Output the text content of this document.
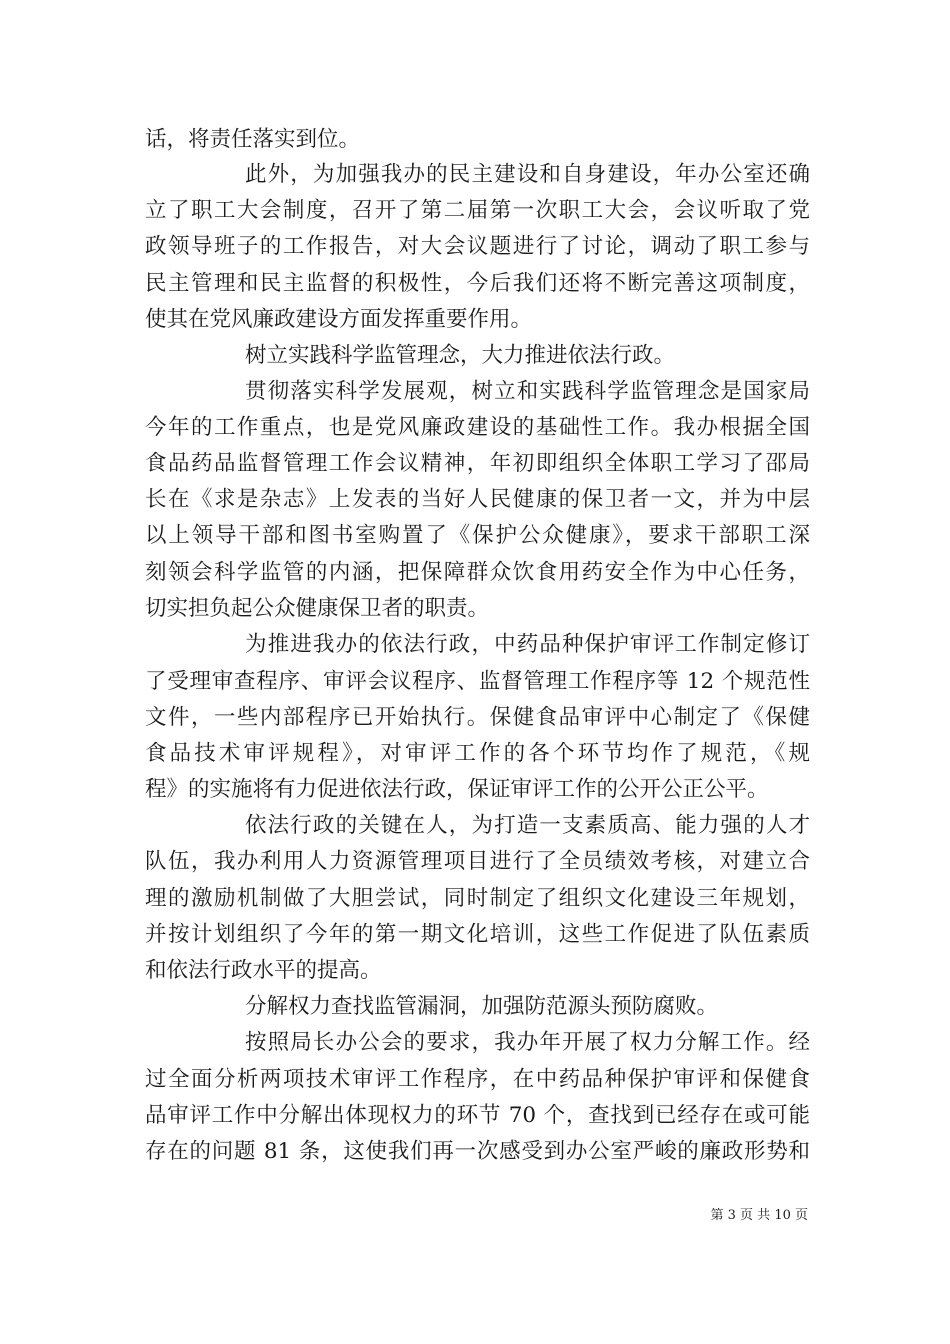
话，将责任落实到位。
此外，为加强我办的民主建设和自身建设，年办公室还确
立了职工大会制度，召开了第二届第一次职工大会，会议听取了党
政领导班子的工作报告，对大会议题进行了讨论，调动了职工参与
民主管理和民主监督的积极性，今后我们还将不断完善这项制度，
使其在党风廉政建设方面发挥重要作用。
树立实践科学监管理念，大力推进依法行政。
贯彻落实科学发展观，树立和实践科学监管理念是国家局
今年的工作重点，也是党风廉政建设的基础性工作。我办根据全国
食品药品监督管理工作会议精神，年初即组织全体职工学习了邵局
长在《求是杂志》上发表的当好人民健康的保卫者一文，并为中层
以上领导干部和图书室购置了《保护公众健康》，要求干部职工深
刻领会科学监管的内涵，把保障群众饮食用药安全作为中心任务，
切实担负起公众健康保卫者的职责。
为推进我办的依法行政，中药品种保护审评工作制定修订
了受理审查程序、审评会议程序、监督管理工作程序等 12 个规范性
文件，一些内部程序已开始执行。保健食品审评中心制定了《保健
食品技术审评规程》，对审评工作的各个环节均作了规范，《规
程》的实施将有力促进依法行政，保证审评工作的公开公正公平。
依法行政的关键在人，为打造一支素质高、能力强的人才
队伍，我办利用人力资源管理项目进行了全员绩效考核，对建立合
理的激励机制做了大胆尝试，同时制定了组织文化建设三年规划，
并按计划组织了今年的第一期文化培训，这些工作促进了队伍素质
和依法行政水平的提高。
分解权力查找监管漏洞，加强防范源头预防腐败。
按照局长办公会的要求，我办年开展了权力分解工作。经
过全面分析两项技术审评工作程序，在中药品种保护审评和保健食
品审评工作中分解出体现权力的环节 70 个，查找到已经存在或可能
存在的问题 81 条，这使我们再一次感受到办公室严峻的廉政形势和
第 3 页 共 10 页
